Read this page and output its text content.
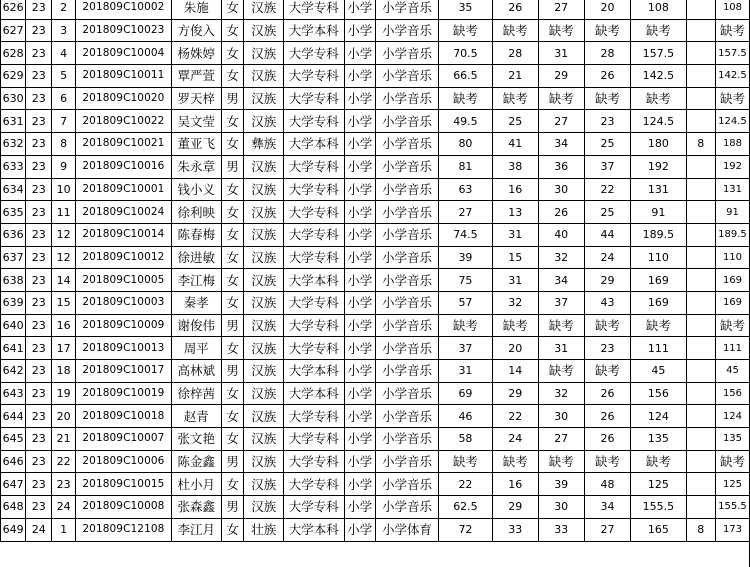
626	23	2	201809C10002	朱施	女	汉族	大学专科	小学	小学音乐	35	26	27	20	108		108
627	23	3	201809C10023	方俊入	女	汉族	大学本科	小学	小学音乐	缺考	缺考	缺考	缺考	缺考		缺考
628	23	4	201809C10004	杨姝婷	女	汉族	大学专科	小学	小学音乐	70.5	28	31	28	157.5		157.5
629	23	5	201809C10011	覃严萱	女	汉族	大学专科	小学	小学音乐	66.5	21	29	26	142.5		142.5
630	23	6	201809C10020	罗天梓	男	汉族	大学专科	小学	小学音乐	缺考	缺考	缺考	缺考	缺考		缺考
631	23	7	201809C10022	吴文莹	女	汉族	大学专科	小学	小学音乐	49.5	25	27	23	124.5		124.5
632	23	8	201809C10021	董亚飞	女	彝族	大学本科	小学	小学音乐	80	41	34	25	180	8	188
633	23	9	201809C10016	朱永章	男	汉族	大学专科	小学	小学音乐	81	38	36	37	192		192
634	23	10	201809C10001	钱小义	女	汉族	大学专科	小学	小学音乐	63	16	30	22	131		131
635	23	11	201809C10024	徐利映	女	汉族	大学专科	小学	小学音乐	27	13	26	25	91		91
636	23	12	201809C10014	陈春梅	女	汉族	大学专科	小学	小学音乐	74.5	31	40	44	189.5		189.5
637	23	12	201809C10012	徐进敏	女	汉族	大学专科	小学	小学音乐	39	15	32	24	110		110
638	23	14	201809C10005	李江梅	女	汉族	大学本科	小学	小学音乐	75	31	34	29	169		169
639	23	15	201809C10003	秦孝	女	汉族	大学专科	小学	小学音乐	57	32	37	43	169		169
640	23	16	201809C10009	谢俊伟	男	汉族	大学专科	小学	小学音乐	缺考	缺考	缺考	缺考	缺考		缺考
641	23	17	201809C10013	周平	女	汉族	大学专科	小学	小学音乐	37	20	31	23	111		111
642	23	18	201809C10017	高林斌	男	汉族	大学本科	小学	小学音乐	31	14	缺考	缺考	45		45
643	23	19	201809C10019	徐梓茜	女	汉族	大学本科	小学	小学音乐	69	29	32	26	156		156
644	23	20	201809C10018	赵青	女	汉族	大学专科	小学	小学音乐	46	22	30	26	124		124
645	23	21	201809C10007	张文艳	女	汉族	大学专科	小学	小学音乐	58	24	27	26	135		135
646	23	22	201809C10006	陈金鑫	男	汉族	大学专科	小学	小学音乐	缺考	缺考	缺考	缺考	缺考		缺考
647	23	23	201809C10015	杜小月	女	汉族	大学专科	小学	小学音乐	22	16	39	48	125		125
648	23	24	201809C10008	张森鑫	男	汉族	大学专科	小学	小学音乐	62.5	29	30	34	155.5		155.5
649	24	1	201809C12108	李江月	女	壮族	大学本科	小学	小学体育	72	33	33	27	165	8	173
